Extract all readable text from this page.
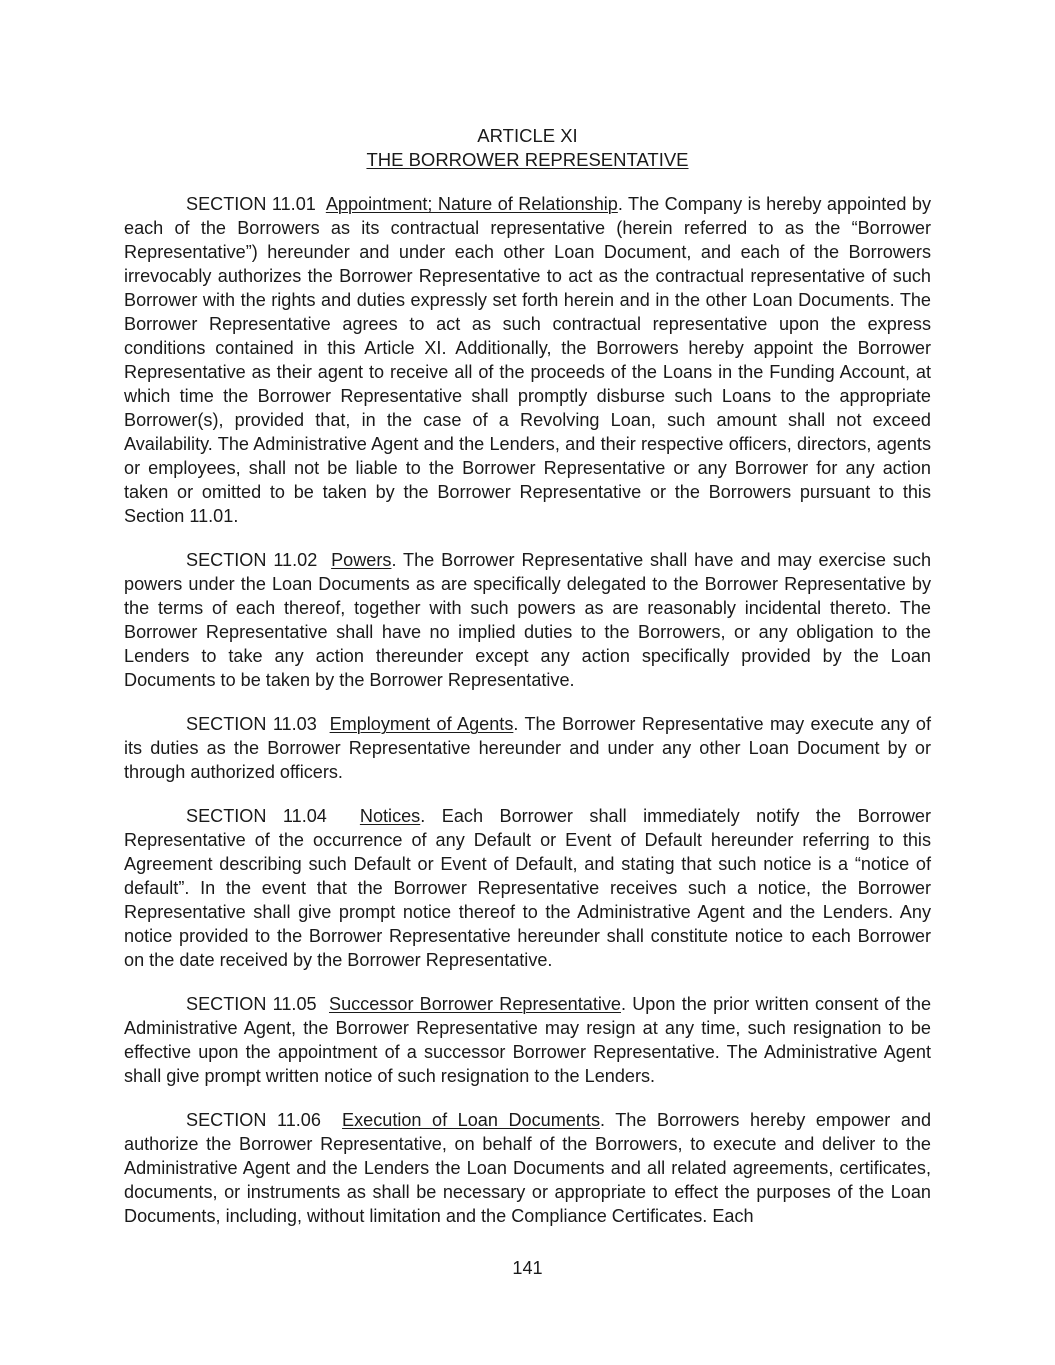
ARTICLE XI
THE BORROWER REPRESENTATIVE

SECTION 11.01 Appointment; Nature of Relationship. The Company is hereby appointed by each of the Borrowers as its contractual representative (herein referred to as the “Borrower Representative”) hereunder and under each other Loan Document, and each of the Borrowers irrevocably authorizes the Borrower Representative to act as the contractual representative of such Borrower with the rights and duties expressly set forth herein and in the other Loan Documents. The Borrower Representative agrees to act as such contractual representative upon the express conditions contained in this Article XI. Additionally, the Borrowers hereby appoint the Borrower Representative as their agent to receive all of the proceeds of the Loans in the Funding Account, at which time the Borrower Representative shall promptly disburse such Loans to the appropriate Borrower(s), provided that, in the case of a Revolving Loan, such amount shall not exceed Availability. The Administrative Agent and the Lenders, and their respective officers, directors, agents or employees, shall not be liable to the Borrower Representative or any Borrower for any action taken or omitted to be taken by the Borrower Representative or the Borrowers pursuant to this Section 11.01.

SECTION 11.02 Powers. The Borrower Representative shall have and may exercise such powers under the Loan Documents as are specifically delegated to the Borrower Representative by the terms of each thereof, together with such powers as are reasonably incidental thereto. The Borrower Representative shall have no implied duties to the Borrowers, or any obligation to the Lenders to take any action thereunder except any action specifically provided by the Loan Documents to be taken by the Borrower Representative.

SECTION 11.03 Employment of Agents. The Borrower Representative may execute any of its duties as the Borrower Representative hereunder and under any other Loan Document by or through authorized officers.

SECTION 11.04 Notices. Each Borrower shall immediately notify the Borrower Representative of the occurrence of any Default or Event of Default hereunder referring to this Agreement describing such Default or Event of Default, and stating that such notice is a “notice of default”. In the event that the Borrower Representative receives such a notice, the Borrower Representative shall give prompt notice thereof to the Administrative Agent and the Lenders. Any notice provided to the Borrower Representative hereunder shall constitute notice to each Borrower on the date received by the Borrower Representative.

SECTION 11.05 Successor Borrower Representative. Upon the prior written consent of the Administrative Agent, the Borrower Representative may resign at any time, such resignation to be effective upon the appointment of a successor Borrower Representative. The Administrative Agent shall give prompt written notice of such resignation to the Lenders.

SECTION 11.06 Execution of Loan Documents. The Borrowers hereby empower and authorize the Borrower Representative, on behalf of the Borrowers, to execute and deliver to the Administrative Agent and the Lenders the Loan Documents and all related agreements, certificates, documents, or instruments as shall be necessary or appropriate to effect the purposes of the Loan Documents, including, without limitation and the Compliance Certificates. Each

141
